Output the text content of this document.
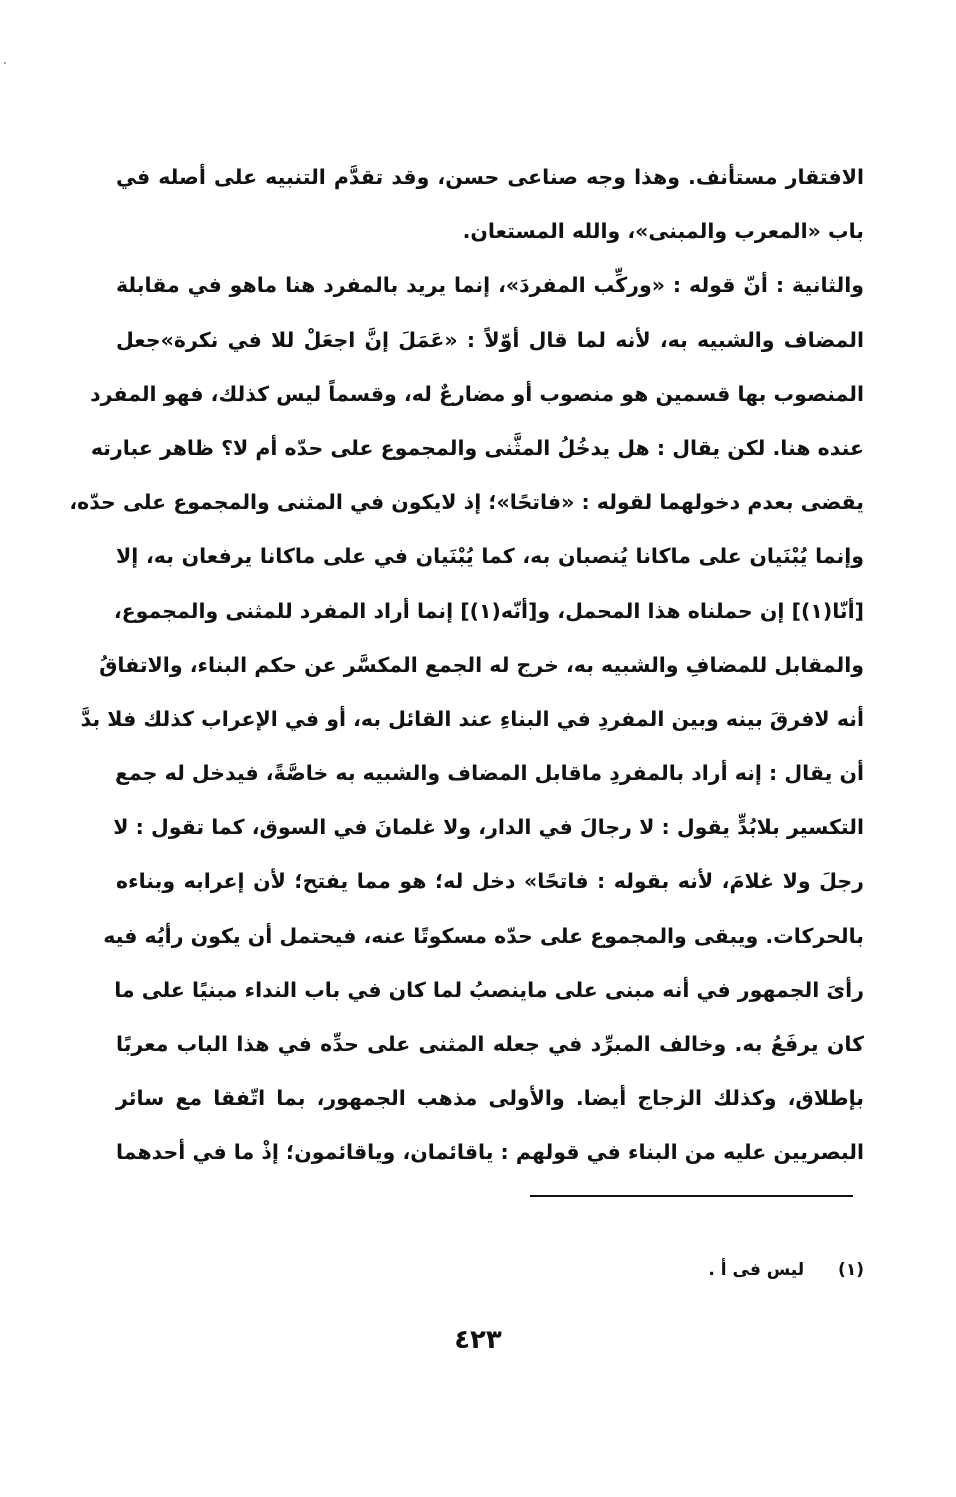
الافتقار مستأنف. وهذا وجه صناعى حسن، وقد تقدَّم التنبيه على أصله في
باب «المعرب والمبنى»، والله المستعان.
والثانية : أنّ قوله : «وركِّب المفردَ»، إنما يريد بالمفرد هنا ماهو في مقابلة
المضاف والشبيه به، لأنه لما قال أوّلاً : «عَمَلَ إنَّ اجعَلْ للا في نكرة»جعل
المنصوب بها قسمين هو منصوب أو مضارعٌ له، وقسماً ليس كذلك، فهو المفرد
عنده هنا. لكن يقال : هل يدخُلُ المثَّنى والمجموع على حدّه أم لا؟ ظاهر عبارته
يقضى بعدم دخولهما لقوله : «فاتحًا»؛ إذ لايكون في المثنى والمجموع على حدّه،
وإنما يُبْنَيان على ماكانا يُنصبان به، كما يُبْنَيان في على ماكانا يرفعان به، إلا
[أنّا(١)] إن حملناه هذا المحمل، و[أنّه(١)] إنما أراد المفرد للمثنى والمجموع،
والمقابل للمضافِ والشبيه به، خرج له الجمع المكسَّر عن حكم البناء، والاتفاقُ
أنه لافرقَ بينه وبين المفردِ في البناءِ عند القائل به، أو في الإعراب كذلك فلا بدَّ
أن يقال : إنه أراد بالمفردِ ماقابل المضاف والشبيه به خاصَّةً، فيدخل له جمع
التكسير بلابُدٍّ يقول : لا رجالَ في الدار، ولا غلمانَ في السوق، كما تقول : لا
رجلَ ولا غلامَ، لأنه بقوله : فاتحًا» دخل له؛ هو مما يفتح؛ لأن إعرابه وبناءه
بالحركات. ويبقى والمجموع على حدّه مسكوتًا عنه، فيحتمل أن يكون رأيُه فيه
رأىَ الجمهور في أنه مبنى على ماينصبُ لما كان في باب النداء مبنيًا على ما
كان يرفَعُ به. وخالف المبرِّد في جعله المثنى على حدِّه في هذا الباب معربًا
بإطلاق، وكذلك الزجاج أيضا. والأولى مذهب الجمهور، بما اتّفقا مع سائر
البصريين عليه من البناء في قولهم : ياقائمان، وياقائمون؛ إذْ ما في أحدهما
(١) ليس فى أ .
٤٢٣
